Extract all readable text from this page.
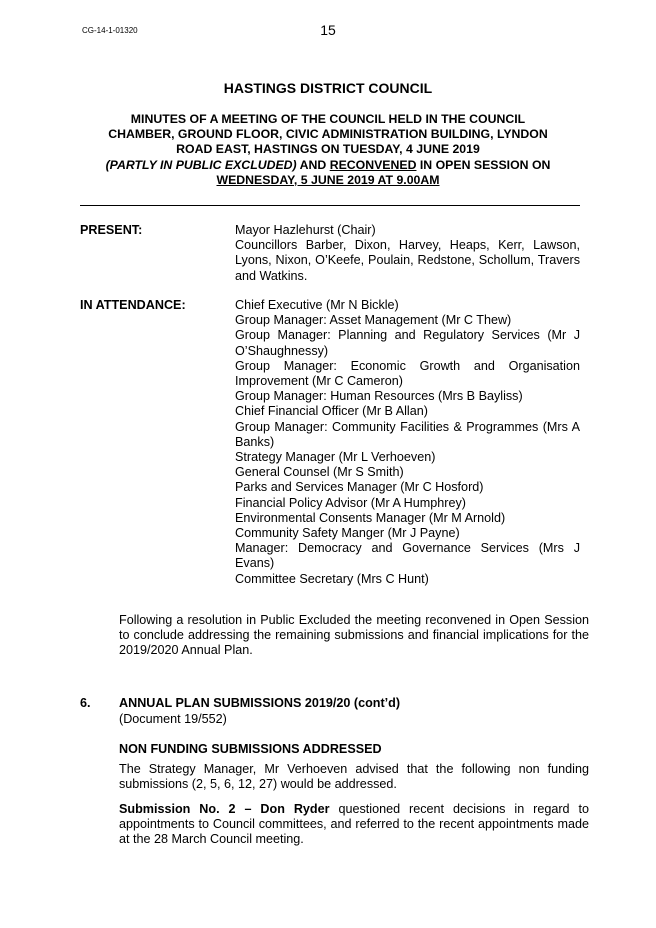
CG-14-1-01320	15
HASTINGS DISTRICT COUNCIL
MINUTES OF A MEETING OF THE COUNCIL HELD IN THE COUNCIL
CHAMBER, GROUND FLOOR, CIVIC ADMINISTRATION BUILDING, LYNDON
ROAD EAST, HASTINGS ON TUESDAY, 4 JUNE 2019
(PARTLY IN PUBLIC EXCLUDED) AND RECONVENED IN OPEN SESSION ON
WEDNESDAY, 5 JUNE 2019 AT 9.00AM
PRESENT:	Mayor Hazlehurst (Chair)
Councillors Barber, Dixon, Harvey, Heaps, Kerr, Lawson, Lyons, Nixon, O’Keefe, Poulain, Redstone, Schollum, Travers and Watkins.
IN ATTENDANCE:	Chief Executive (Mr N Bickle)
Group Manager: Asset Management (Mr C Thew)
Group Manager: Planning and Regulatory Services (Mr J O’Shaughnessy)
Group Manager: Economic Growth and Organisation Improvement (Mr C Cameron)
Group Manager: Human Resources (Mrs B Bayliss)
Chief Financial Officer (Mr B Allan)
Group Manager: Community Facilities & Programmes (Mrs A Banks)
Strategy Manager (Mr L Verhoeven)
General Counsel (Mr S Smith)
Parks and Services Manager (Mr C Hosford)
Financial Policy Advisor (Mr A Humphrey)
Environmental Consents Manager (Mr M Arnold)
Community Safety Manger (Mr J Payne)
Manager: Democracy and Governance Services (Mrs J Evans)
Committee Secretary (Mrs C Hunt)
Following a resolution in Public Excluded the meeting reconvened in Open Session to conclude addressing the remaining submissions and financial implications for the 2019/2020 Annual Plan.
6. ANNUAL PLAN SUBMISSIONS 2019/20 (cont’d)
(Document 19/552)
NON FUNDING SUBMISSIONS ADDRESSED
The Strategy Manager, Mr Verhoeven advised that the following non funding submissions (2, 5, 6, 12, 27) would be addressed.
Submission No. 2 – Don Ryder questioned recent decisions in regard to appointments to Council committees, and referred to the recent appointments made at the 28 March Council meeting.
